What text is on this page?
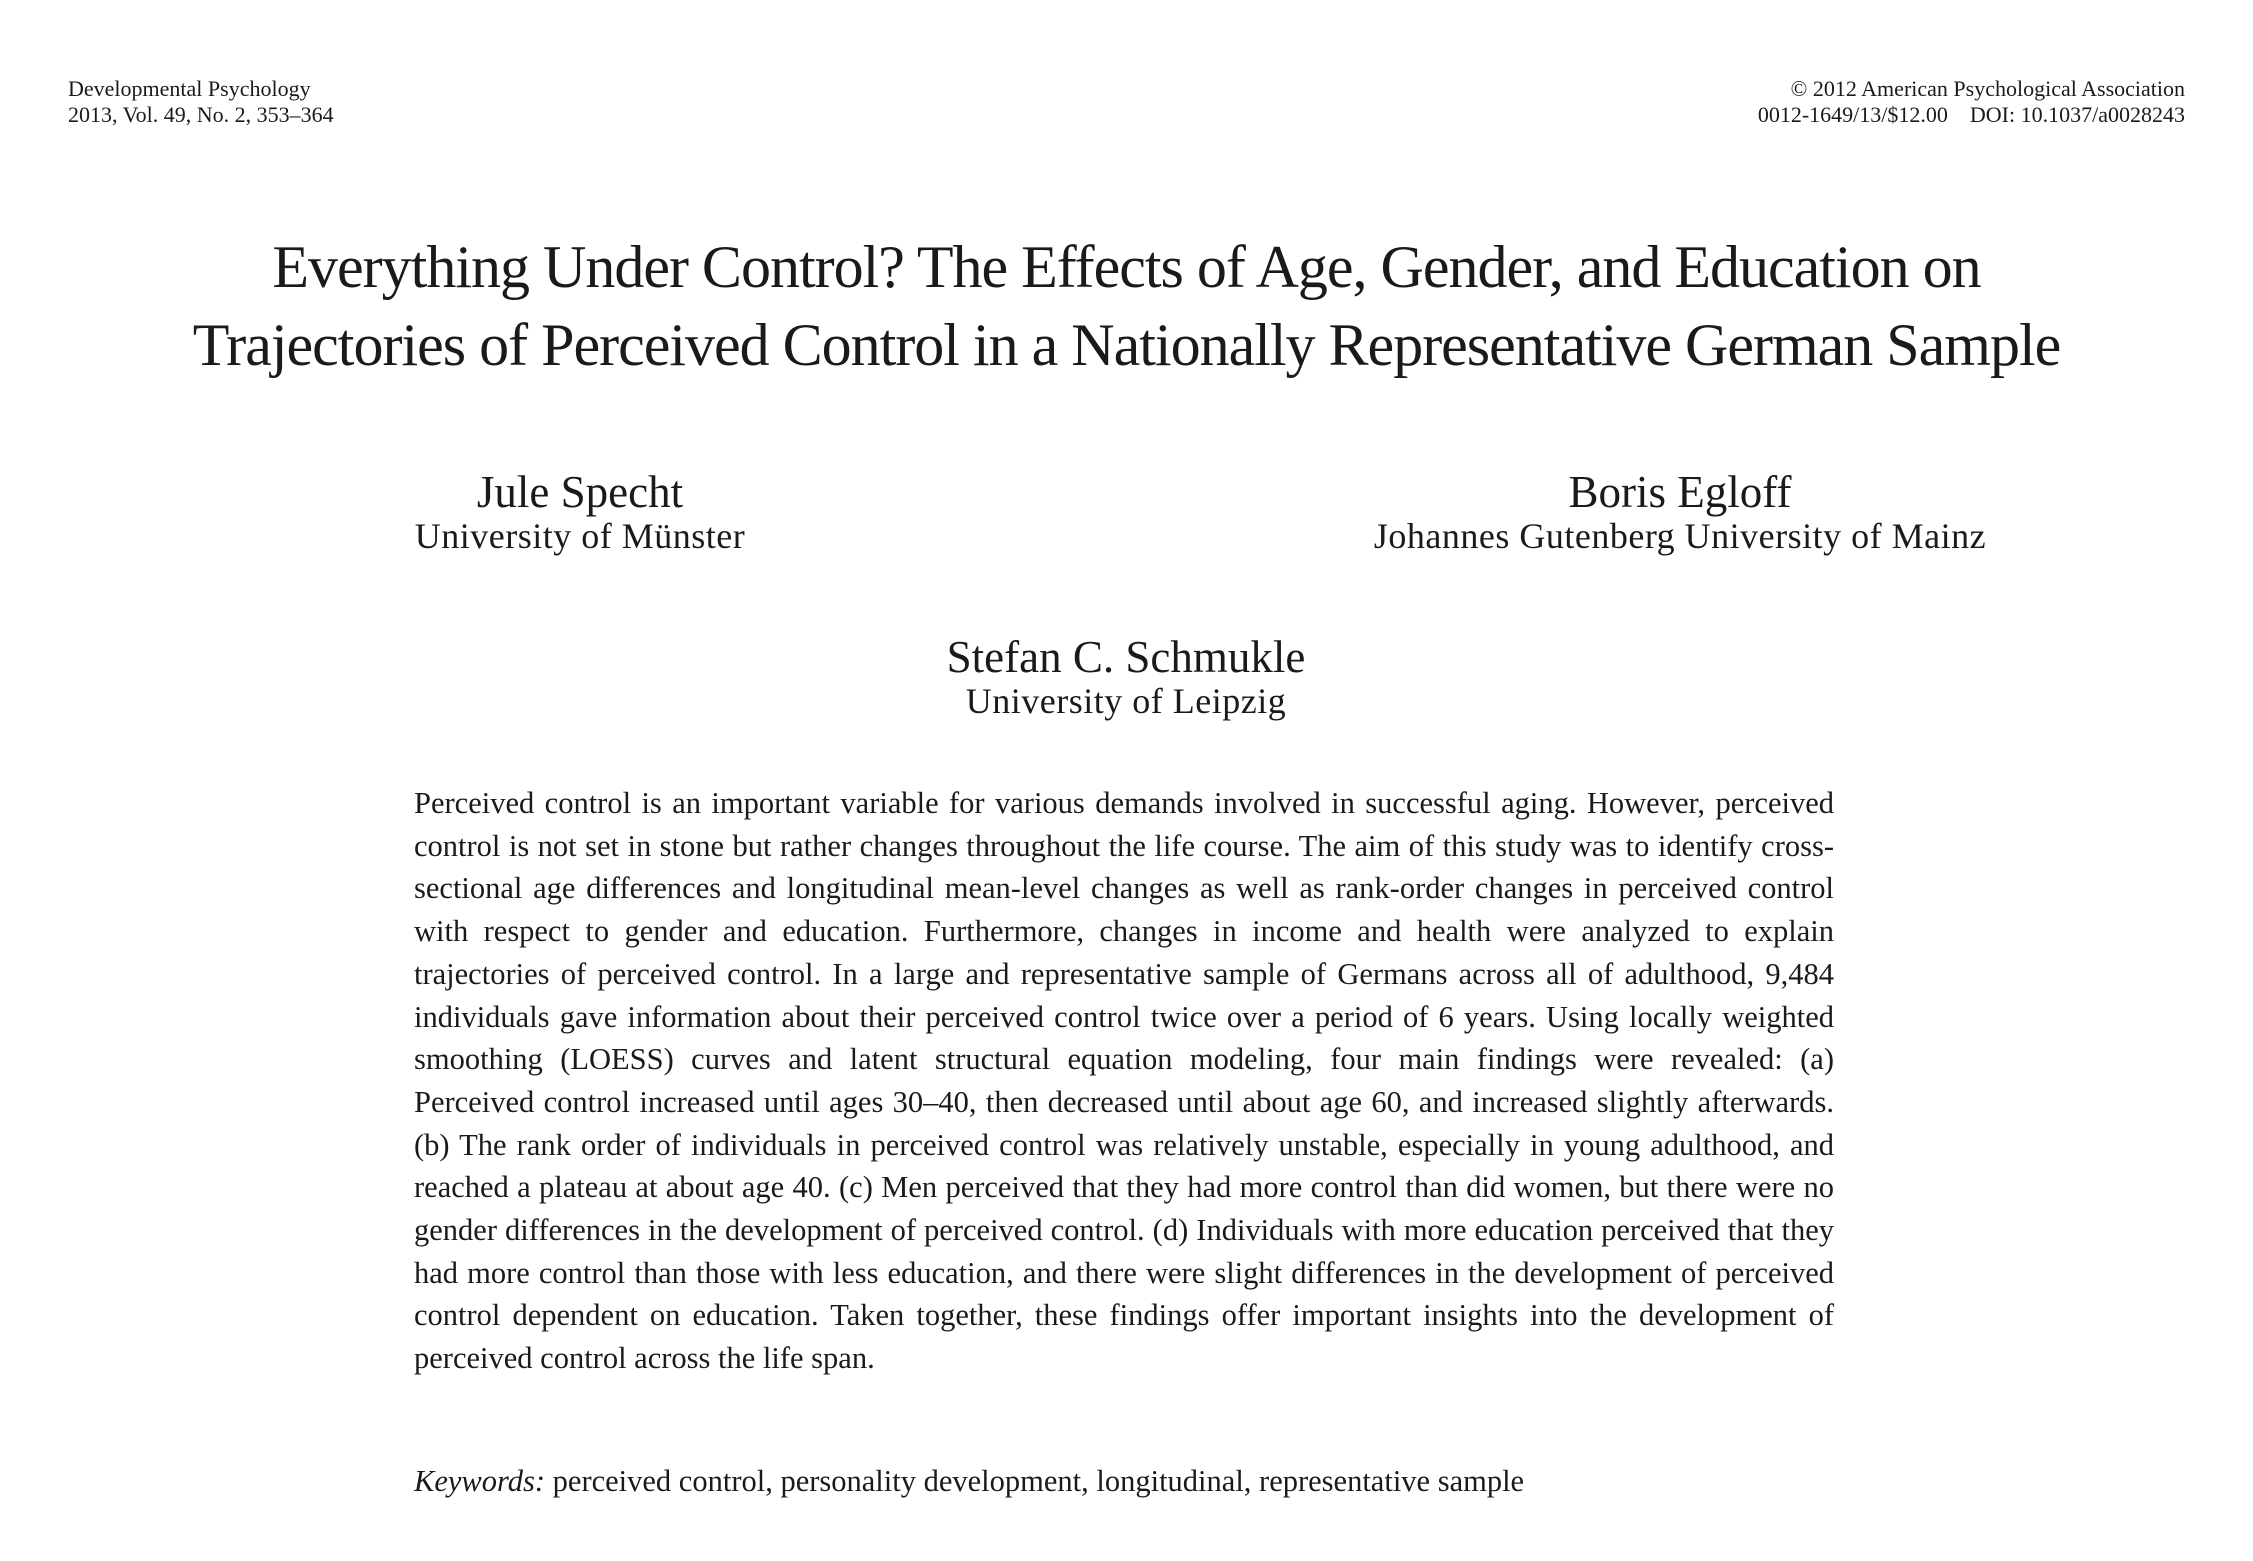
Developmental Psychology
2013, Vol. 49, No. 2, 353–364
© 2012 American Psychological Association
0012-1649/13/$12.00    DOI: 10.1037/a0028243
Everything Under Control? The Effects of Age, Gender, and Education on
Trajectories of Perceived Control in a Nationally Representative German Sample
Jule Specht
University of Münster
Boris Egloff
Johannes Gutenberg University of Mainz
Stefan C. Schmukle
University of Leipzig
Perceived control is an important variable for various demands involved in successful aging. However, perceived control is not set in stone but rather changes throughout the life course. The aim of this study was to identify cross-sectional age differences and longitudinal mean-level changes as well as rank-order changes in perceived control with respect to gender and education. Furthermore, changes in income and health were analyzed to explain trajectories of perceived control. In a large and representative sample of Germans across all of adulthood, 9,484 individuals gave information about their perceived control twice over a period of 6 years. Using locally weighted smoothing (LOESS) curves and latent structural equation modeling, four main findings were revealed: (a) Perceived control increased until ages 30–40, then decreased until about age 60, and increased slightly afterwards. (b) The rank order of individuals in perceived control was relatively unstable, especially in young adulthood, and reached a plateau at about age 40. (c) Men perceived that they had more control than did women, but there were no gender differences in the development of perceived control. (d) Individuals with more education perceived that they had more control than those with less education, and there were slight differences in the development of perceived control dependent on education. Taken together, these findings offer important insights into the development of perceived control across the life span.
Keywords: perceived control, personality development, longitudinal, representative sample
